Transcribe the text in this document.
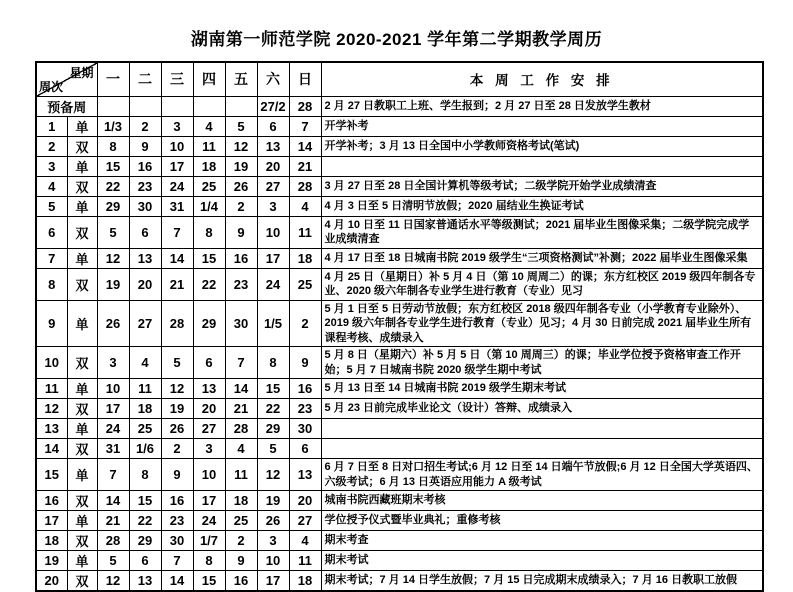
湖南第一师范学院 2020-2021 学年第二学期教学周历
星期
周次		一	二	三	四	五	六	日	本 周 工 作 安 排
预备周							27/2	28	2 月 27 日教职工上班、学生报到；2 月 27 日至 28 日发放学生教材
1	单	1/3	2	3	4	5	6	7	开学补考
2	双	8	9	10	11	12	13	14	开学补考；3 月 13 日全国中小学教师资格考试(笔试)
3	单	15	16	17	18	19	20	21	
4	双	22	23	24	25	26	27	28	3 月 27 日至 28 日全国计算机等级考试；二级学院开始学业成绩清查
5	单	29	30	31	1/4	2	3	4	4 月 3 日至 5 日清明节放假；2020 届结业生换证考试
6	双	5	6	7	8	9	10	11	4 月 10 日至 11 日国家普通话水平等级测试；2021 届毕业生图像采集；二级学院完成学业成绩清查
7	单	12	13	14	15	16	17	18	4 月 17 日至 18 日城南书院 2019 级学生“三项资格测试”补测；2022 届毕业生图像采集
8	双	19	20	21	22	23	24	25	4 月 25 日（星期日）补 5 月 4 日（第 10 周周二）的课；东方红校区 2019 级四年制各专业、2020 级六年制各专业学生进行教育（专业）见习
9	单	26	27	28	29	30	1/5	2	5 月 1 日至 5 日劳动节放假；东方红校区 2018 级四年制各专业（小学教育专业除外）、2019 级六年制各专业学生进行教育（专业）见习；4 月 30 日前完成 2021 届毕业生所有课程考核、成绩录入
10	双	3	4	5	6	7	8	9	5 月 8 日（星期六）补 5 月 5 日（第 10 周周三）的课；毕业学位授予资格审查工作开始；5 月 7 日城南书院 2020 级学生期中考试
11	单	10	11	12	13	14	15	16	5 月 13 日至 14 日城南书院 2019 级学生期末考试
12	双	17	18	19	20	21	22	23	5 月 23 日前完成毕业论文（设计）答辩、成绩录入
13	单	24	25	26	27	28	29	30	
14	双	31	1/6	2	3	4	5	6	
15	单	7	8	9	10	11	12	13	6 月 7 日至 8 日对口招生考试;6 月 12 日至 14 日端午节放假;6 月 12 日全国大学英语四、六级考试；6 月 13 日英语应用能力 A 级考试
16	双	14	15	16	17	18	19	20	城南书院西藏班期末考核
17	单	21	22	23	24	25	26	27	学位授予仪式暨毕业典礼；重修考核
18	双	28	29	30	1/7	2	3	4	期末考查
19	单	5	6	7	8	9	10	11	期末考试
20	双	12	13	14	15	16	17	18	期末考试；7 月 14 日学生放假；7 月 15 日完成期末成绩录入；7 月 16 日教职工放假
